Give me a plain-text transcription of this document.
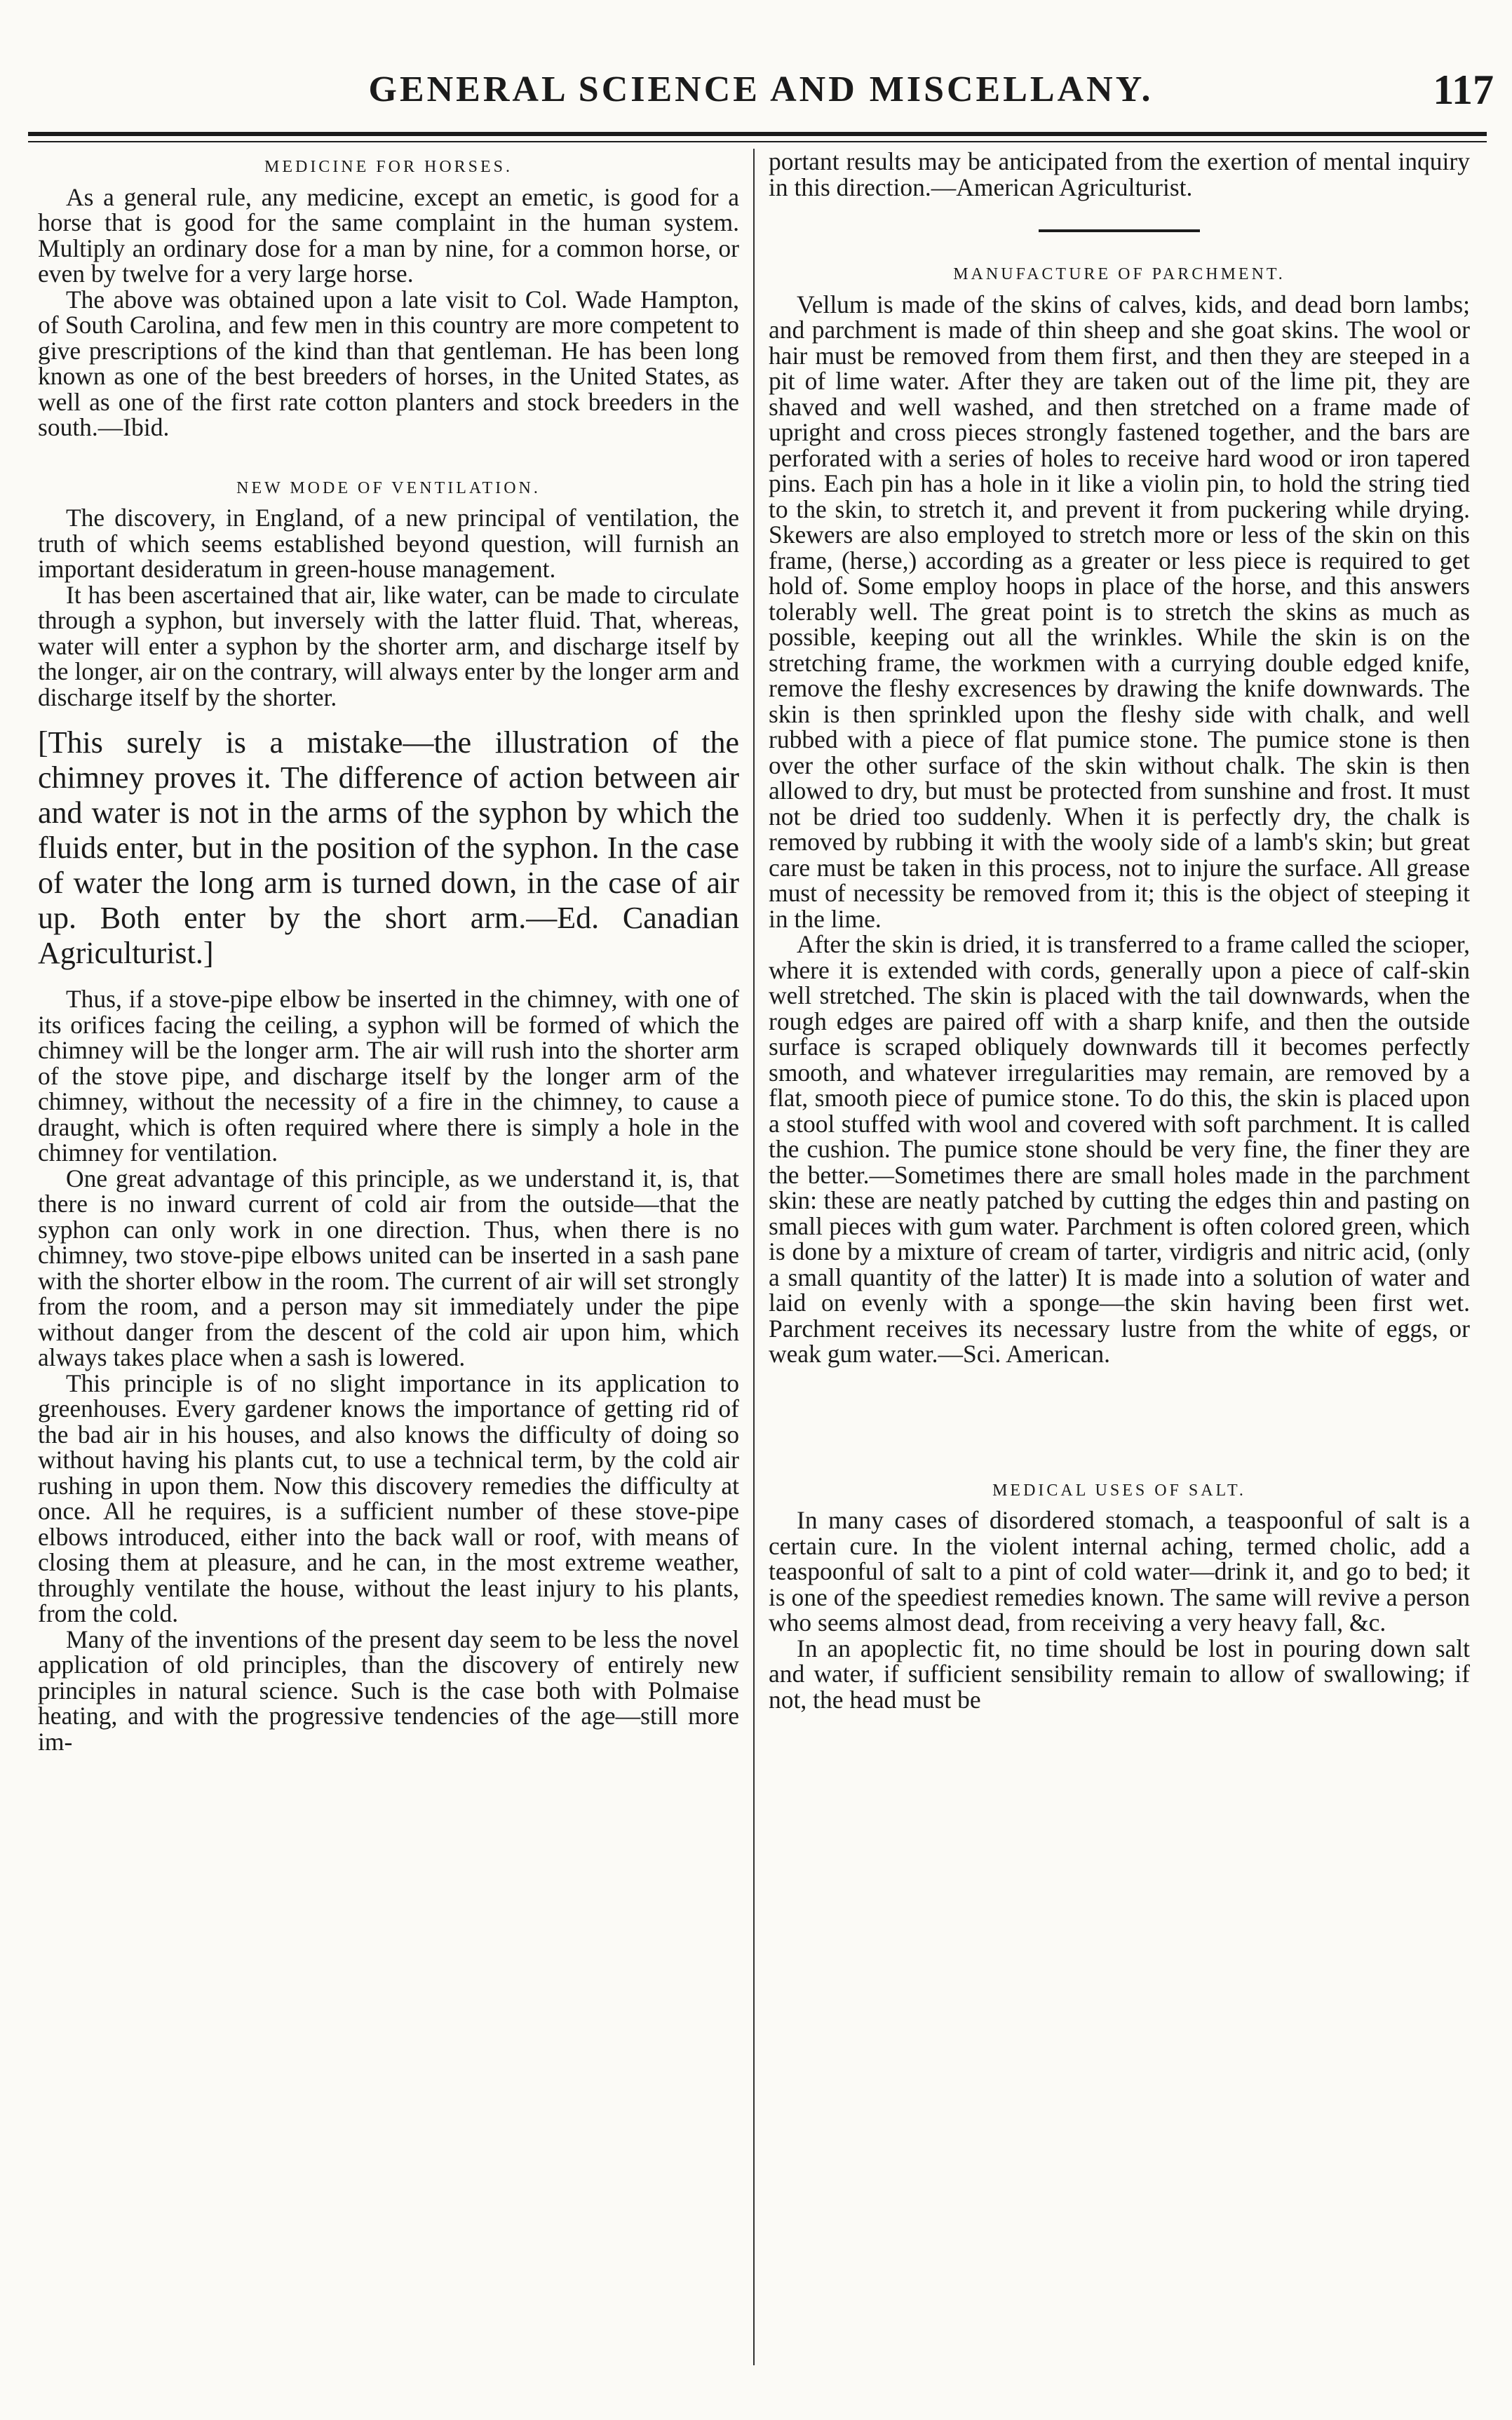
GENERAL SCIENCE AND MISCELLANY.	117
MEDICINE FOR HORSES.

As a general rule, any medicine, except an emetic, is good for a horse that is good for the same complaint in the human system. Multiply an ordinary dose for a man by nine, for a common horse, or even by twelve for a very large horse.

The above was obtained upon a late visit to Col. Wade Hampton, of South Carolina, and few men in this country are more competent to give prescriptions of the kind than that gentleman. He has been long known as one of the best breeders of horses, in the United States, as well as one of the first rate cotton planters and stock breeders in the south.—Ibid.

NEW MODE OF VENTILATION.

The discovery, in England, of a new principal of ventilation, the truth of which seems established beyond question, will furnish an important desideratum in green-house management.

It has been ascertained that air, like water, can be made to circulate through a syphon, but inversely with the latter fluid. That, whereas, water will enter a syphon by the shorter arm, and discharge itself by the longer, air on the contrary, will always enter by the longer arm and discharge itself by the shorter.

[This surely is a mistake—the illustration of the chimney proves it. The difference of action between air and water is not in the arms of the syphon by which the fluids enter, but in the position of the syphon. In the case of water the long arm is turned down, in the case of air up. Both enter by the short arm.—Ed. Canadian Agriculturist.]

Thus, if a stove-pipe elbow be inserted in the chimney, with one of its orifices facing the ceiling, a syphon will be formed of which the chimney will be the longer arm. The air will rush into the shorter arm of the stove pipe, and discharge itself by the longer arm of the chimney, without the necessity of a fire in the chimney, to cause a draught, which is often required where there is simply a hole in the chimney for ventilation.

One great advantage of this principle, as we understand it, is, that there is no inward current of cold air from the outside—that the syphon can only work in one direction. Thus, when there is no chimney, two stove-pipe elbows united can be inserted in a sash pane with the shorter elbow in the room. The current of air will set strongly from the room, and a person may sit immediately under the pipe without danger from the descent of the cold air upon him, which always takes place when a sash is lowered.

This principle is of no slight importance in its application to greenhouses. Every gardener knows the importance of getting rid of the bad air in his houses, and also knows the difficulty of doing so without having his plants cut, to use a technical term, by the cold air rushing in upon them. Now this discovery remedies the difficulty at once. All he requires, is a sufficient number of these stove-pipe elbows introduced, either into the back wall or roof, with means of closing them at pleasure, and he can, in the most extreme weather, throughly ventilate the house, without the least injury to his plants, from the cold.

Many of the inventions of the present day seem to be less the novel application of old principles, than the discovery of entirely new principles in natural science. Such is the case both with Polmaise heating, and with the progressive tendencies of the age—still more im-

portant results may be anticipated from the exertion of mental inquiry in this direction.—American Agriculturist.

MANUFACTURE OF PARCHMENT.

Vellum is made of the skins of calves, kids, and dead born lambs; and parchment is made of thin sheep and she goat skins. The wool or hair must be removed from them first, and then they are steeped in a pit of lime water. After they are taken out of the lime pit, they are shaved and well washed, and then stretched on a frame made of upright and cross pieces strongly fastened together, and the bars are perforated with a series of holes to receive hard wood or iron tapered pins. Each pin has a hole in it like a violin pin, to hold the string tied to the skin, to stretch it, and prevent it from puckering while drying. Skewers are also employed to stretch more or less of the skin on this frame, (herse,) according as a greater or less piece is required to get hold of. Some employ hoops in place of the horse, and this answers tolerably well. The great point is to stretch the skins as much as possible, keeping out all the wrinkles. While the skin is on the stretching frame, the workmen with a currying double edged knife, remove the fleshy excresences by drawing the knife downwards. The skin is then sprinkled upon the fleshy side with chalk, and well rubbed with a piece of flat pumice stone. The pumice stone is then over the other surface of the skin without chalk. The skin is then allowed to dry, but must be protected from sunshine and frost. It must not be dried too suddenly. When it is perfectly dry, the chalk is removed by rubbing it with the wooly side of a lamb's skin; but great care must be taken in this process, not to injure the surface. All grease must of necessity be removed from it; this is the object of steeping it in the lime.

After the skin is dried, it is transferred to a frame called the scioper, where it is extended with cords, generally upon a piece of calf-skin well stretched. The skin is placed with the tail downwards, when the rough edges are paired off with a sharp knife, and then the outside surface is scraped obliquely downwards till it becomes perfectly smooth, and whatever irregularities may remain, are removed by a flat, smooth piece of pumice stone. To do this, the skin is placed upon a stool stuffed with wool and covered with soft parchment. It is called the cushion. The pumice stone should be very fine, the finer they are the better.—Sometimes there are small holes made in the parchment skin: these are neatly patched by cutting the edges thin and pasting on small pieces with gum water. Parchment is often colored green, which is done by a mixture of cream of tarter, virdigris and nitric acid, (only a small quantity of the latter) It is made into a solution of water and laid on evenly with a sponge—the skin having been first wet. Parchment receives its necessary lustre from the white of eggs, or weak gum water.—Sci. American.

MEDICAL USES OF SALT.

In many cases of disordered stomach, a teaspoonful of salt is a certain cure. In the violent internal aching, termed cholic, add a teaspoonful of salt to a pint of cold water—drink it, and go to bed; it is one of the speediest remedies known. The same will revive a person who seems almost dead, from receiving a very heavy fall, &c.

In an apoplectic fit, no time should be lost in pouring down salt and water, if sufficient sensibility remain to allow of swallowing; if not, the head must be
